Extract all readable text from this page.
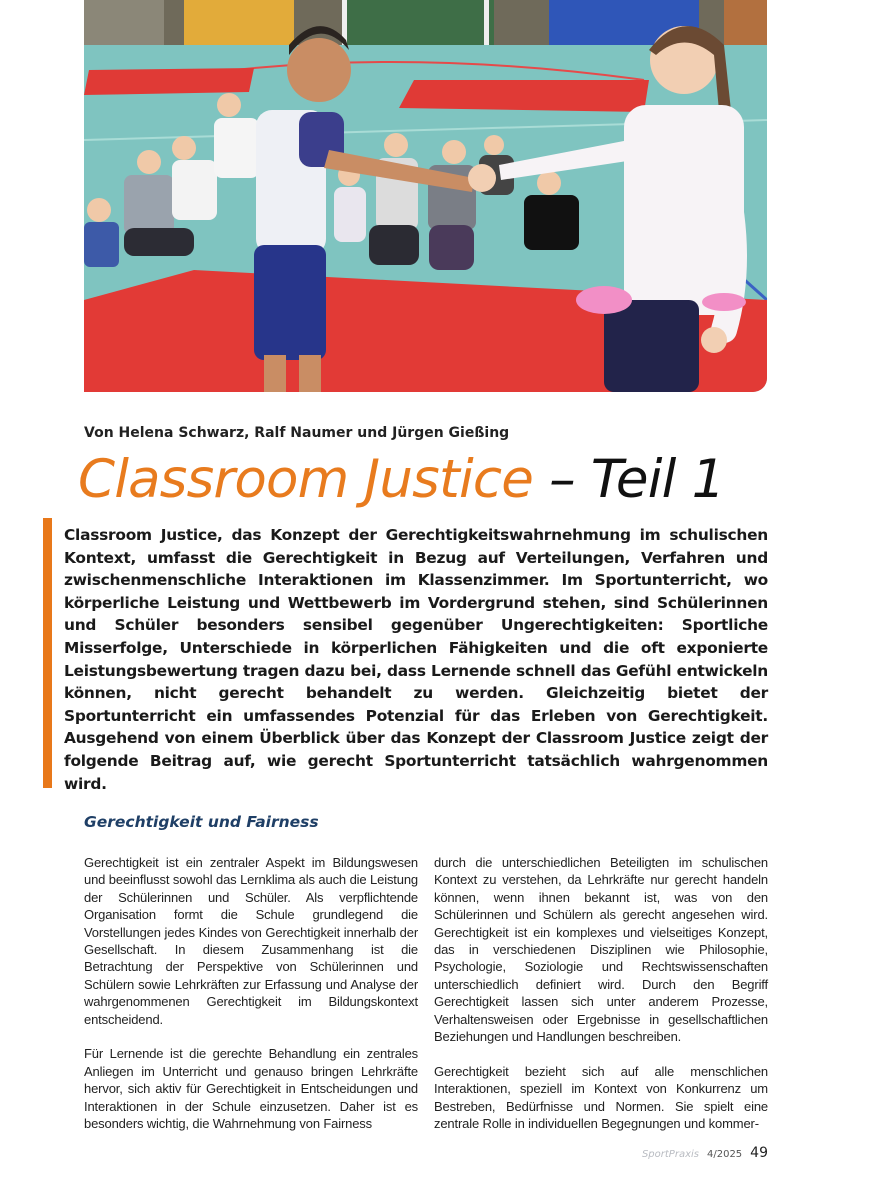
Von Helena Schwarz, Ralf Naumer und Jürgen Gießing
Classroom Justice – Teil 1

Classroom Justice, das Konzept der Gerechtigkeitswahrnehmung im schulischen Kontext, umfasst die Gerechtigkeit in Bezug auf Verteilungen, Verfahren und zwischenmenschliche Interaktionen im Klassenzimmer. Im Sportunterricht, wo körperliche Leistung und Wettbewerb im Vordergrund stehen, sind Schülerinnen und Schüler besonders sensibel gegenüber Ungerechtigkeiten: Sportliche Misserfolge, Unterschiede in körperlichen Fähigkeiten und die oft exponierte Leistungsbewertung tragen dazu bei, dass Lernende schnell das Gefühl entwickeln können, nicht gerecht behandelt zu werden. Gleichzeitig bietet der Sportunterricht ein umfassendes Potenzial für das Erleben von Gerechtigkeit. Ausgehend von einem Überblick über das Konzept der Classroom Justice zeigt der folgende Beitrag auf, wie gerecht Sportunterricht tatsächlich wahrgenommen wird.

Gerechtigkeit und Fairness

Gerechtigkeit ist ein zentraler Aspekt im Bildungswesen und beeinflusst sowohl das Lernklima als auch die Leistung der Schülerinnen und Schüler. Als verpflichtende Organisation formt die Schule grundlegend die Vorstellungen jedes Kindes von Gerechtigkeit innerhalb der Gesellschaft. In diesem Zusammenhang ist die Betrachtung der Perspektive von Schülerinnen und Schülern sowie Lehrkräften zur Erfassung und Analyse der wahrgenommenen Gerechtigkeit im Bildungskontext entscheidend.

Für Lernende ist die gerechte Behandlung ein zentrales Anliegen im Unterricht und genauso bringen Lehrkräfte hervor, sich aktiv für Gerechtigkeit in Entscheidungen und Interaktionen in der Schule einzusetzen. Daher ist es besonders wichtig, die Wahrnehmung von Fairness

durch die unterschiedlichen Beteiligten im schulischen Kontext zu verstehen, da Lehrkräfte nur gerecht handeln können, wenn ihnen bekannt ist, was von den Schülerinnen und Schülern als gerecht angesehen wird. Gerechtigkeit ist ein komplexes und vielseitiges Konzept, das in verschiedenen Disziplinen wie Philosophie, Psychologie, Soziologie und Rechtswissenschaften unterschiedlich definiert wird. Durch den Begriff Gerechtigkeit lassen sich unter anderem Prozesse, Verhaltensweisen oder Ergebnisse in gesellschaftlichen Beziehungen und Handlungen beschreiben.

Gerechtigkeit bezieht sich auf alle menschlichen Interaktionen, speziell im Kontext von Konkurrenz um Bestreben, Bedürfnisse und Normen. Sie spielt eine zentrale Rolle in individuellen Begegnungen und kommer-

SportPraxis 4/2025 49
